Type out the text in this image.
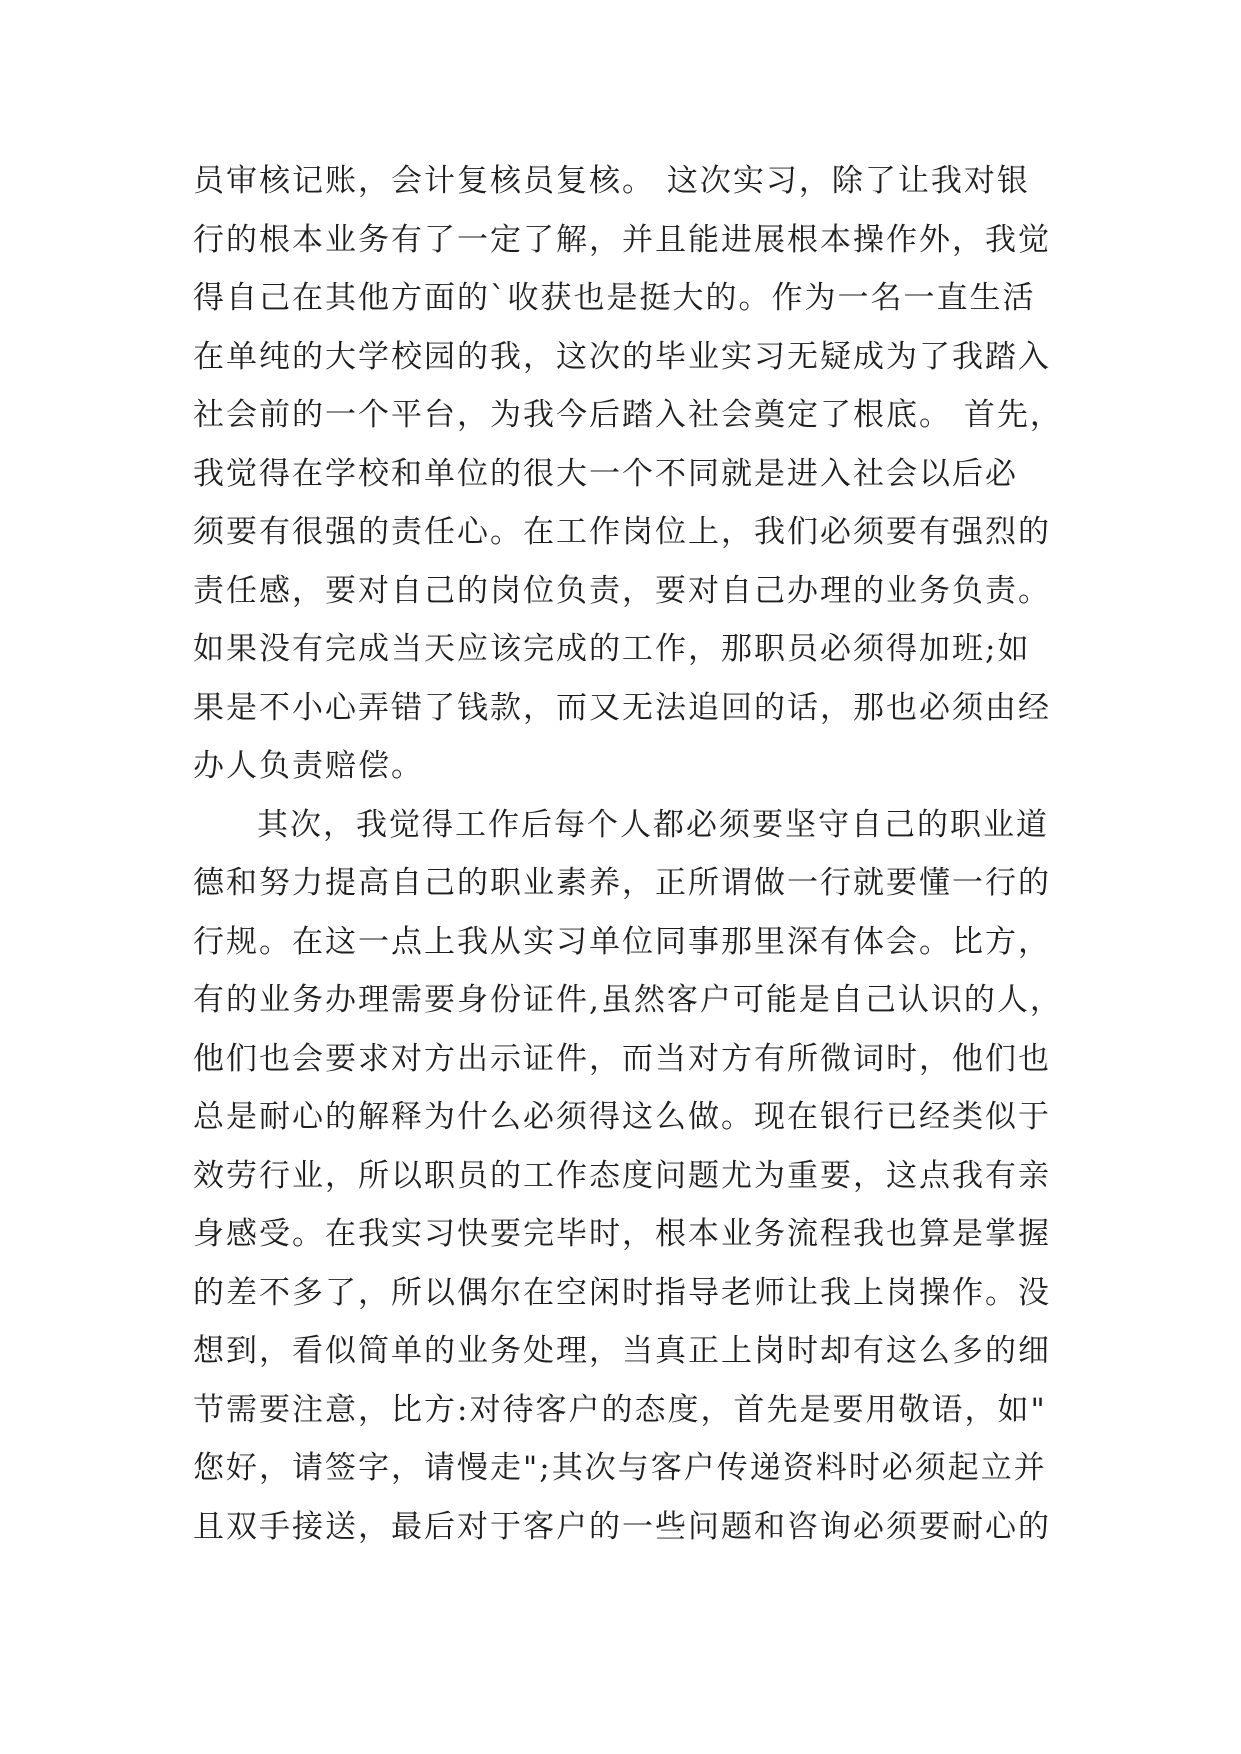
员审核记账，会计复核员复核。 这次实习，除了让我对银
行的根本业务有了一定了解，并且能进展根本操作外，我觉
得自己在其他方面的`收获也是挺大的。作为一名一直生活
在单纯的大学校园的我，这次的毕业实习无疑成为了我踏入
社会前的一个平台，为我今后踏入社会奠定了根底。 首先，
我觉得在学校和单位的很大一个不同就是进入社会以后必
须要有很强的责任心。在工作岗位上，我们必须要有强烈的
责任感，要对自己的岗位负责，要对自己办理的业务负责。
如果没有完成当天应该完成的工作，那职员必须得加班;如
果是不小心弄错了钱款，而又无法追回的话，那也必须由经
办人负责赔偿。
其次，我觉得工作后每个人都必须要坚守自己的职业道
德和努力提高自己的职业素养，正所谓做一行就要懂一行的
行规。在这一点上我从实习单位同事那里深有体会。比方，
有的业务办理需要身份证件,虽然客户可能是自己认识的人，
他们也会要求对方出示证件，而当对方有所微词时，他们也
总是耐心的解释为什么必须得这么做。现在银行已经类似于
效劳行业，所以职员的工作态度问题尤为重要，这点我有亲
身感受。在我实习快要完毕时，根本业务流程我也算是掌握
的差不多了，所以偶尔在空闲时指导老师让我上岗操作。没
想到，看似简单的业务处理，当真正上岗时却有这么多的细
节需要注意，比方:对待客户的态度，首先是要用敬语，如"
您好，请签字，请慢走";其次与客户传递资料时必须起立并
且双手接送，最后对于客户的一些问题和咨询必须要耐心的
